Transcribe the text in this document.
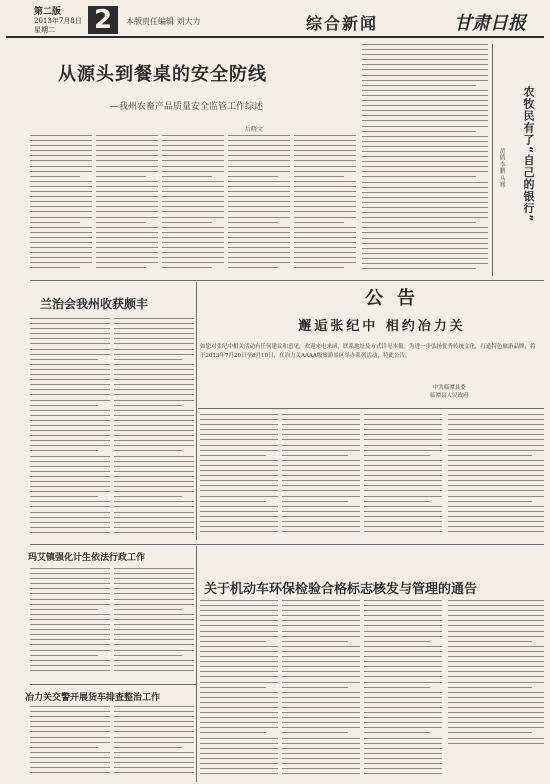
第二版
2013年7月8日
星期二	2	本版责任编辑 刘大力	综合新闻	甘肃日报
从源头到餐桌的安全防线
—我州农畜产品质量安全监管工作综述
后晓文	农牧民有了“自己的银行”
黄鹤 李鹏 马骞
兰治会我州收获颇丰	公告
邂逅张纪中 相约冶力关
如您对张纪中相关活动有任何建议和意见，欢迎来电来函，联系地址及方式详见本报。为进一步弘扬优秀传统文化，打造特色旅游品牌，将于2013年7月20日至8月10日，在冶力关AAAA级旅游景区举办系列活动，特此公告。
中共临潭县委
临潭县人民政府
玛艾镇强化计生依法行政工作
冶力关交警开展货车排查整治工作
关于机动车环保检验合格标志核发与管理的通告
